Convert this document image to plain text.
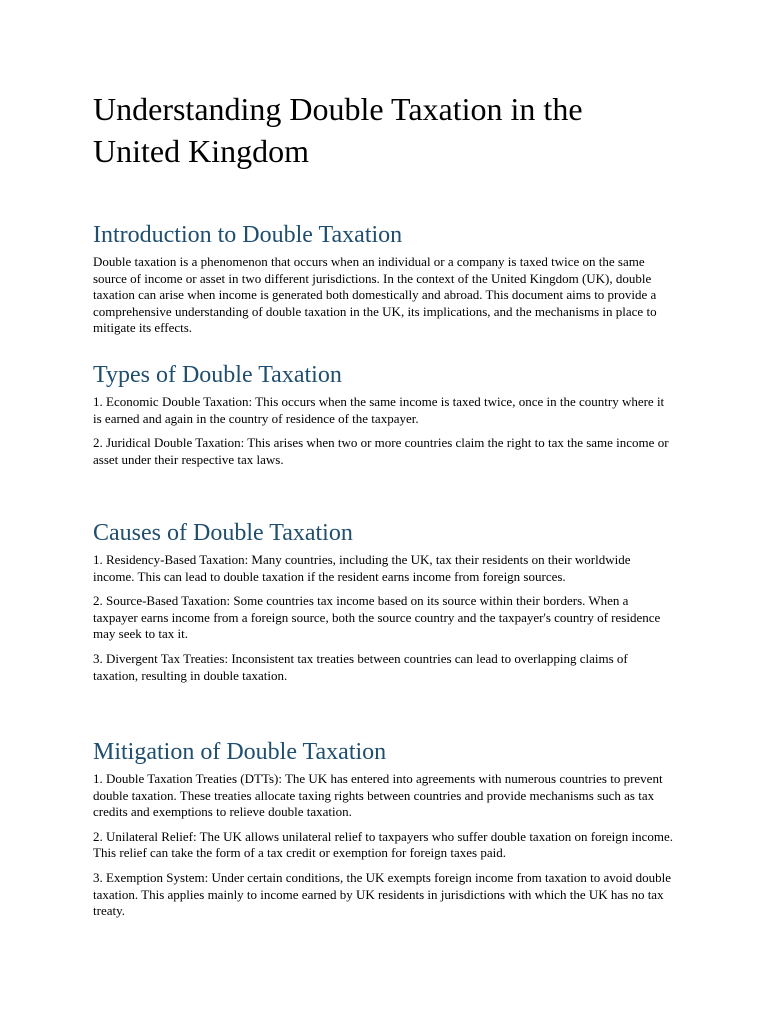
Understanding Double Taxation in the United Kingdom
Introduction to Double Taxation

Double taxation is a phenomenon that occurs when an individual or a company is taxed twice on the same source of income or asset in two different jurisdictions. In the context of the United Kingdom (UK), double taxation can arise when income is generated both domestically and abroad. This document aims to provide a comprehensive understanding of double taxation in the UK, its implications, and the mechanisms in place to mitigate its effects.

Types of Double Taxation

1. Economic Double Taxation: This occurs when the same income is taxed twice, once in the country where it is earned and again in the country of residence of the taxpayer.

2. Juridical Double Taxation: This arises when two or more countries claim the right to tax the same income or asset under their respective tax laws.

Causes of Double Taxation

1. Residency-Based Taxation: Many countries, including the UK, tax their residents on their worldwide income. This can lead to double taxation if the resident earns income from foreign sources.

2. Source-Based Taxation: Some countries tax income based on its source within their borders. When a taxpayer earns income from a foreign source, both the source country and the taxpayer's country of residence may seek to tax it.

3. Divergent Tax Treaties: Inconsistent tax treaties between countries can lead to overlapping claims of taxation, resulting in double taxation.

Mitigation of Double Taxation

1. Double Taxation Treaties (DTTs): The UK has entered into agreements with numerous countries to prevent double taxation. These treaties allocate taxing rights between countries and provide mechanisms such as tax credits and exemptions to relieve double taxation.

2. Unilateral Relief: The UK allows unilateral relief to taxpayers who suffer double taxation on foreign income. This relief can take the form of a tax credit or exemption for foreign taxes paid.

3. Exemption System: Under certain conditions, the UK exempts foreign income from taxation to avoid double taxation. This applies mainly to income earned by UK residents in jurisdictions with which the UK has no tax treaty.
